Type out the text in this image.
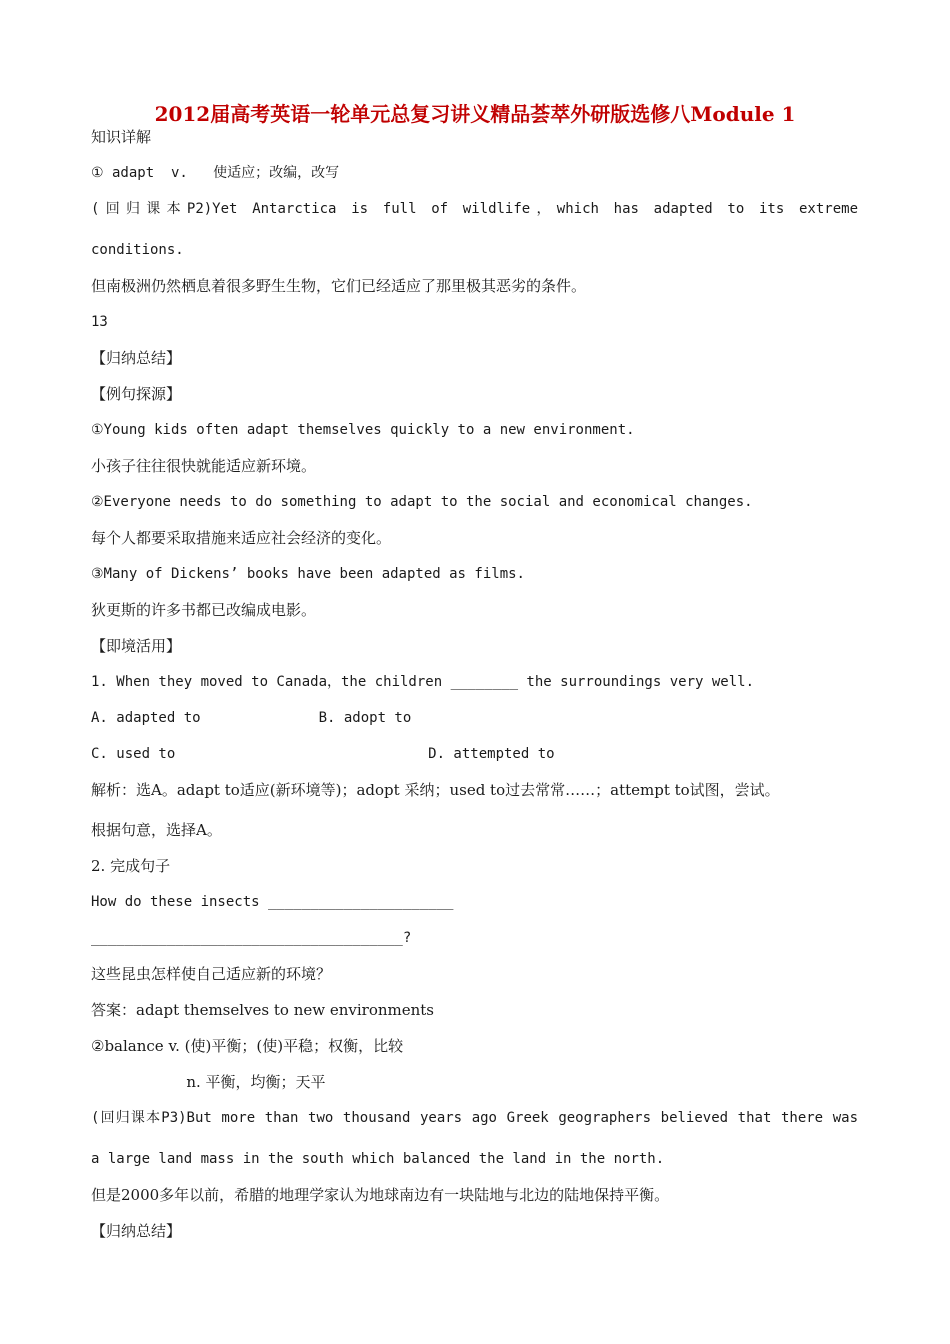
2012届高考英语一轮单元总复习讲义精品荟萃外研版选修八Module 1
知识详解
① adapt  v.   使适应；改编，改写
(回归课本P2)Yet Antarctica is full of wildlife，which has adapted to its extreme
conditions.
但南极洲仍然栖息着很多野生生物，它们已经适应了那里极其恶劣的条件。
13
【归纳总结】
【例句探源】
①Young kids often adapt themselves quickly to a new environment.
小孩子往往很快就能适应新环境。
②Everyone needs to do something to adapt to the social and economical changes.
每个人都要采取措施来适应社会经济的变化。
③Many of Dickens’ books have been adapted as films.
狄更斯的许多书都已改编成电影。
【即境活用】
1. When they moved to Canada，the children ________ the surroundings very well.
A. adapted to              B. adopt to
C. used to                              D. attempted to
解析：选A。adapt to适应(新环境等)；adopt 采纳；used to过去常常……；attempt to试图，尝试。
根据句意，选择A。
2. 完成句子
How do these insects ______________________
_____________________________________?
这些昆虫怎样使自己适应新的环境？
答案：adapt themselves to new environments
②balance v. (使)平衡；(使)平稳；权衡，比较
n. 平衡，均衡；天平
(回归课本P3)But more than two thousand years ago Greek geographers believed that there was
a large land mass in the south which balanced the land in the north.
但是2000多年以前，希腊的地理学家认为地球南边有一块陆地与北边的陆地保持平衡。
【归纳总结】
